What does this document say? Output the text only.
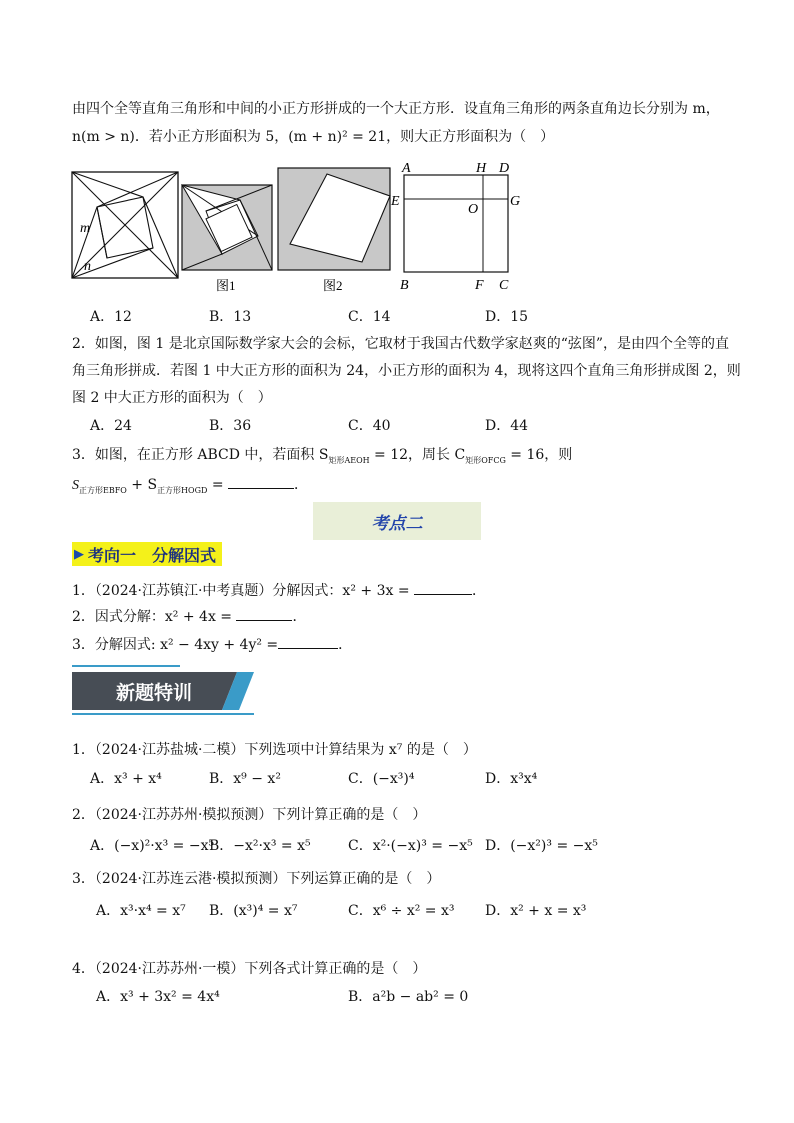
由四个全等直角三角形和中间的小正方形拼成的一个大正方形．设直角三角形的两条直角边长分别为 m，
n(m > n)．若小正方形面积为 5，(m + n)² = 21，则大正方形面积为（　）
m
n
图1	图2
A	H D
E
O
G
B	F C
A．12	B．13	C．14	D．15
2．如图，图 1 是北京国际数学家大会的会标，它取材于我国古代数学家赵爽的“弦图”，是由四个全等的直
角三角形拼成．若图 1 中大正方形的面积为 24，小正方形的面积为 4，现将这四个直角三角形拼成图 2，则
图 2 中大正方形的面积为（　）
A．24	B．36	C．40	D．44
3．如图，在正方形 ABCD 中，若面积 $S_{矩形AEOH} = 12$，周长 $C_{矩形OFCG} = 16$，则
$S_{正方形EBFO} + S_{正方形HOGD}$ =	．
考点二
▶ 考向一　分解因式
1．（2024·江苏镇江·中考真题）分解因式：x² + 3x =	．
2．因式分解：x² + 4x =	．
3．分解因式: x² − 4xy + 4y² =	．
新题特训
1．（2024·江苏盐城·二模）下列选项中计算结果为 x⁷ 的是（　）
A．x³ + x⁴	B．x⁹ − x²	C．(−x³)⁴	D．x³x⁴
2．（2024·江苏苏州·模拟预测）下列计算正确的是（　）
A．(−x)²·x³ = −x⁵
B．−x²·x³ = x⁵	C．x²·(−x)³ = −x⁵ D．(−x²)³ = −x⁵
3．（2024·江苏连云港·模拟预测）下列运算正确的是（　）
A．x³·x⁴ = x⁷ B．(x³)⁴ = x⁷	C．x⁶ ÷ x² = x³ D．x² + x = x³
4．（2024·江苏苏州·一模）下列各式计算正确的是（　）
A．x³ + 3x² = 4x⁴	B．a²b − ab² = 0
